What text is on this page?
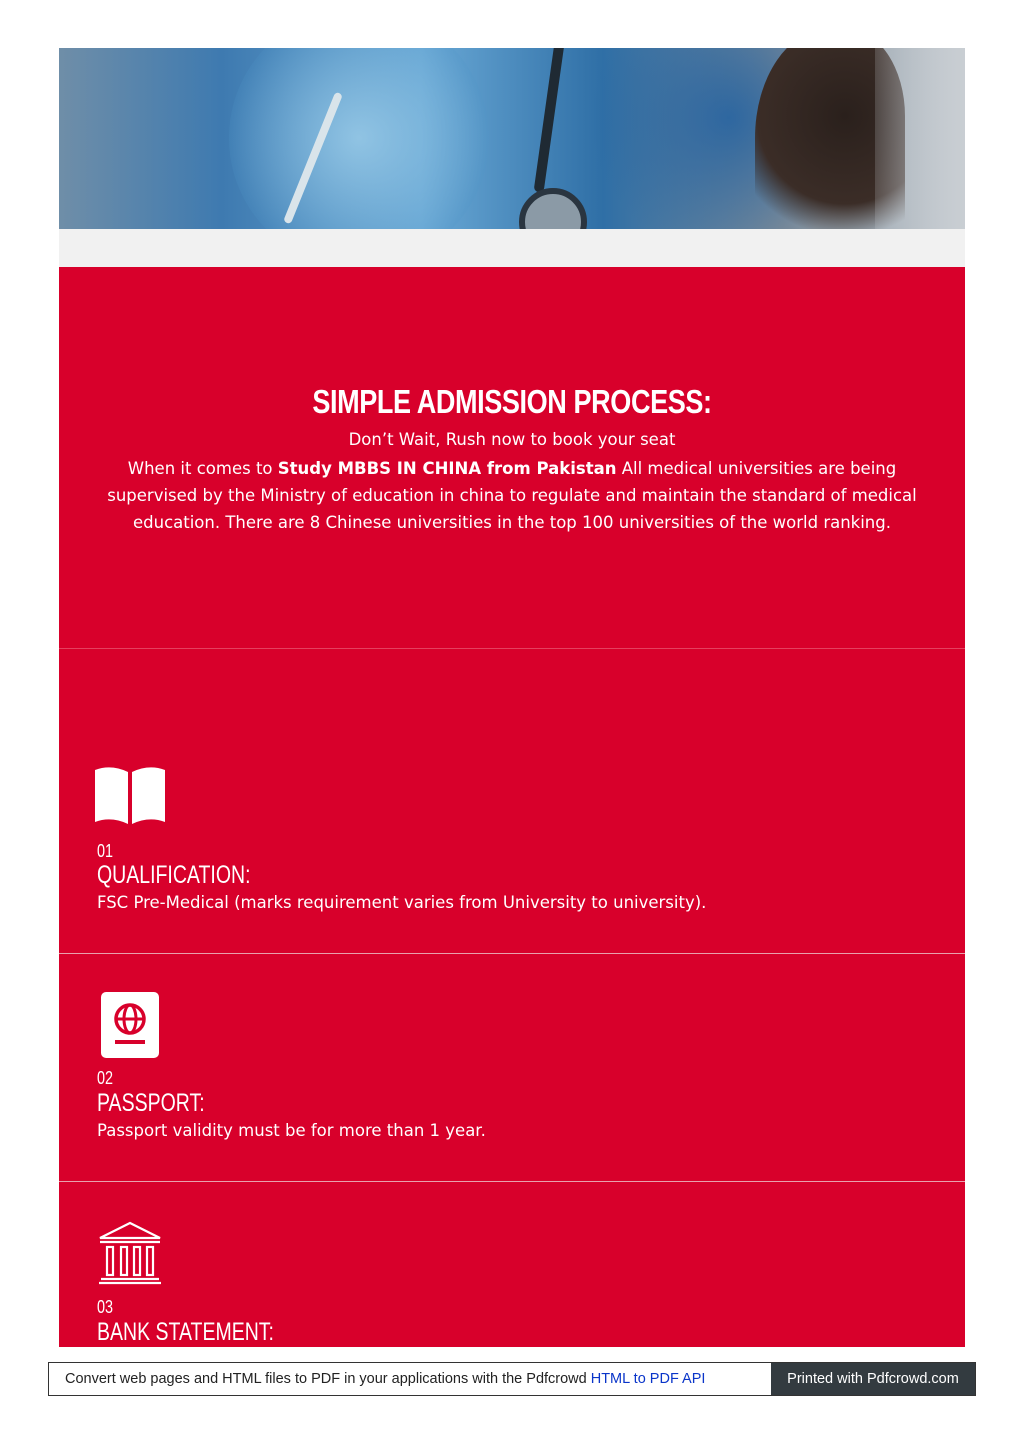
SIMPLE ADMISSION PROCESS:
Don’t Wait, Rush now to book your seat
When it comes to Study MBBS IN CHINA from Pakistan All medical universities are being supervised by the Ministry of education in china to regulate and maintain the standard of medical education. There are 8 Chinese universities in the top 100 universities of the world ranking.
01
QUALIFICATION:
FSC Pre-Medical (marks requirement varies from University to university).
02
PASSPORT:
Passport validity must be for more than 1 year.
03
BANK STATEMENT:
Convert web pages and HTML files to PDF in your applications with the Pdfcrowd HTML to PDF API	Printed with Pdfcrowd.com
